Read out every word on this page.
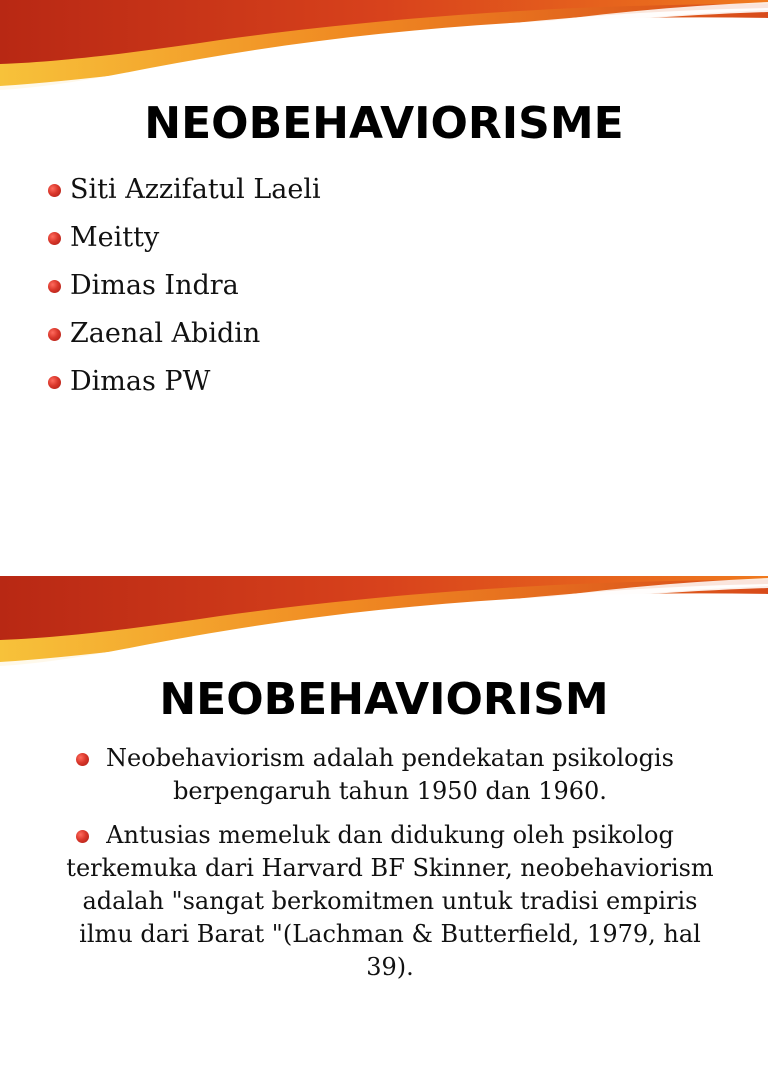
NEOBEHAVIORISME
Siti Azzifatul Laeli
Meitty
Dimas Indra
Zaenal Abidin
Dimas PW
NEOBEHAVIORISM
Neobehaviorism adalah pendekatan psikologis berpengaruh tahun 1950 dan 1960.
Antusias memeluk dan didukung oleh psikolog terkemuka dari Harvard BF Skinner, neobehaviorism adalah "sangat berkomitmen untuk tradisi empiris ilmu dari Barat "(Lachman & Butterfield, 1979, hal 39).
